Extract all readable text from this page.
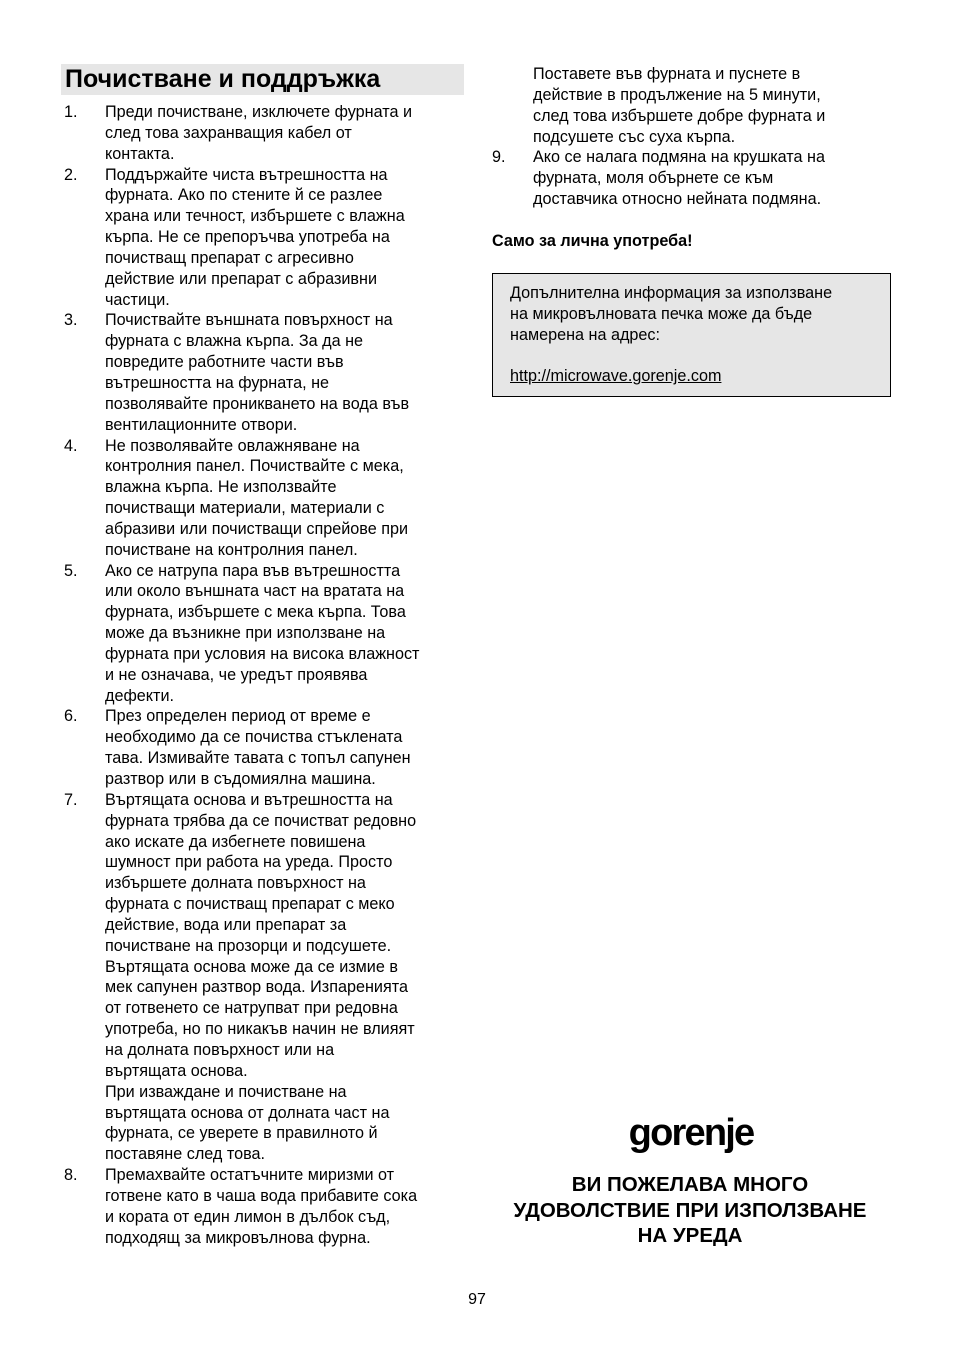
Почистване и поддръжка
1. Преди почистване, изключете фурната и
след това захранващия кабел от
контакта.
2. Поддържайте чиста вътрешността на
фурната. Ако по стените й се разлее
храна или течност, избършете с влажна
кърпа. Не се препоръчва употреба на
почистващ препарат с агресивно
действие или препарат с абразивни
частици.
3. Почиствайте външната повърхност на
фурната с влажна кърпа. За да не
повредите работните части във
вътрешността на фурната, не
позволявайте проникването на вода във
вентилационните отвори.
4. Не позволявайте овлажняване на
контролния панел. Почиствайте с мека,
влажна кърпа. Не използвайте
почистващи материали, материали с
абразиви или почистващи спрейове при
почистване на контролния панел.
5. Ако се натрупа пара във вътрешността
или около външната част на вратата на
фурната, избършете с мека кърпа. Това
може да възникне при използване на
фурната при условия на висока влажност
и не означава, че уредът проявява
дефекти.
6. През определен период от време е
необходимо да се почиства стъклената
тава. Измивайте тавата с топъл сапунен
разтвор или в съдомиялна машина.
7. Въртящата основа и вътрешността на
фурната трябва да се почистват редовно
ако искате да избегнете повишена
шумност при работа на уреда. Просто
избършете долната повърхност на
фурната с почистващ препарат с меко
действие, вода или препарат за
почистване на прозорци и подсушете.
Въртящата основа може да се измие в
мек сапунен разтвор вода. Изпаренията
от готвенето се натрупват при редовна
употреба, но по никакъв начин не влияят
на долната повърхност или на
въртящата основа.
При изваждане и почистване на
въртящата основа от долната част на
фурната, се уверете в правилното й
поставяне след това.
8. Премахвайте остатъчните миризми от
готвене като в чаша вода прибавите сока
и кората от един лимон в дълбок съд,
подходящ за микровълнова фурна.
Поставете във фурната и пуснете в
действие в продължение на 5 минути,
след това избършете добре фурната и
подсушете със суха кърпа.
9. Ако се налага подмяна на крушката на
фурната, моля обърнете се към
доставчика относно нейната подмяна.
Само за лична употреба!
Допълнителна информация за използване
на микровълновата печка може да бъде
намерена на адрес:
http://microwave.gorenje.com
gorenje
ВИ ПОЖЕЛАВА МНОГО
УДОВОЛСТВИЕ ПРИ ИЗПОЛЗВАНЕ
НА УРЕДА
97
